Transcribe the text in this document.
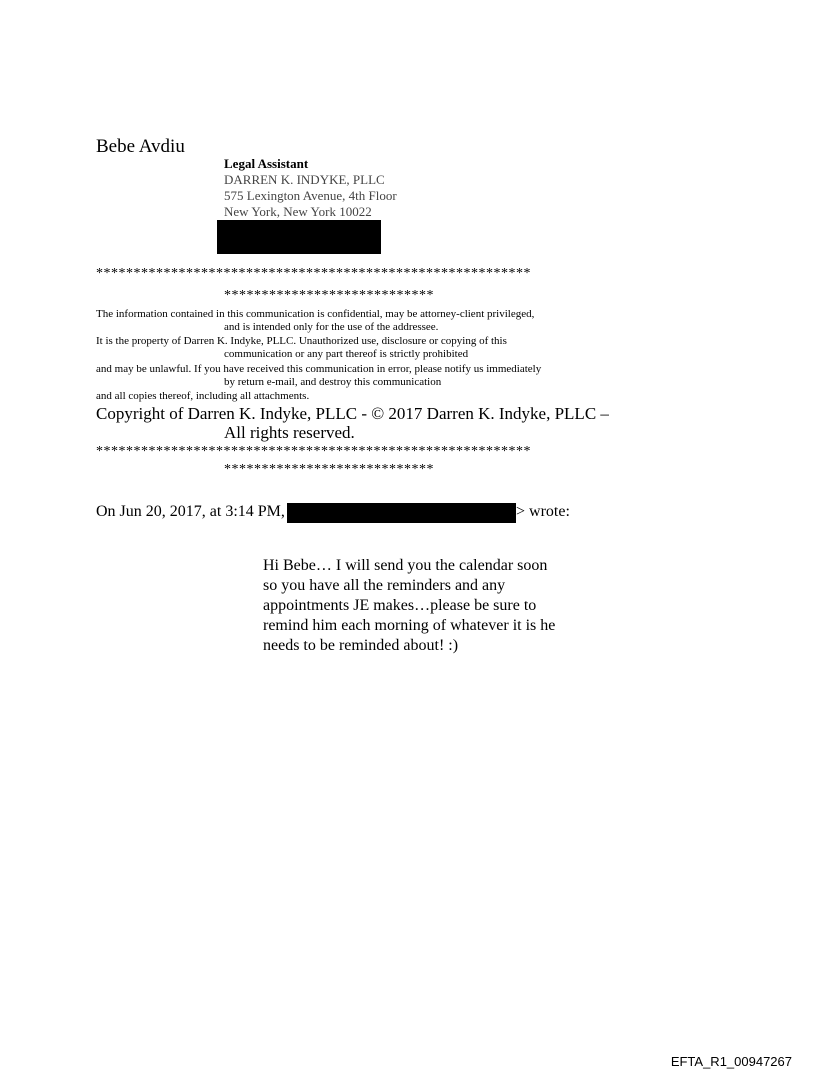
Bebe Avdiu
Legal Assistant
DARREN K. INDYKE, PLLC
575 Lexington Avenue, 4th Floor
New York, New York 10022
**********************************************************
****************************
The information contained in this communication is confidential, may be attorney-client privileged,
and is intended only for the use of the addressee.
It is the property of Darren K. Indyke, PLLC. Unauthorized use, disclosure or copying of this
communication or any part thereof is strictly prohibited
and may be unlawful. If you have received this communication in error, please notify us immediately
by return e-mail, and destroy this communication
and all copies thereof, including all attachments.
Copyright of Darren K. Indyke, PLLC - © 2017 Darren K. Indyke, PLLC –
All rights reserved.
**********************************************************
****************************
On Jun 20, 2017, at 3:14 PM,	> wrote:
Hi Bebe… I will send you the calendar soon
so you have all the reminders and any
appointments JE makes…please be sure to
remind him each morning of whatever it is he
needs to be reminded about! :)
EFTA_R1_00947267
